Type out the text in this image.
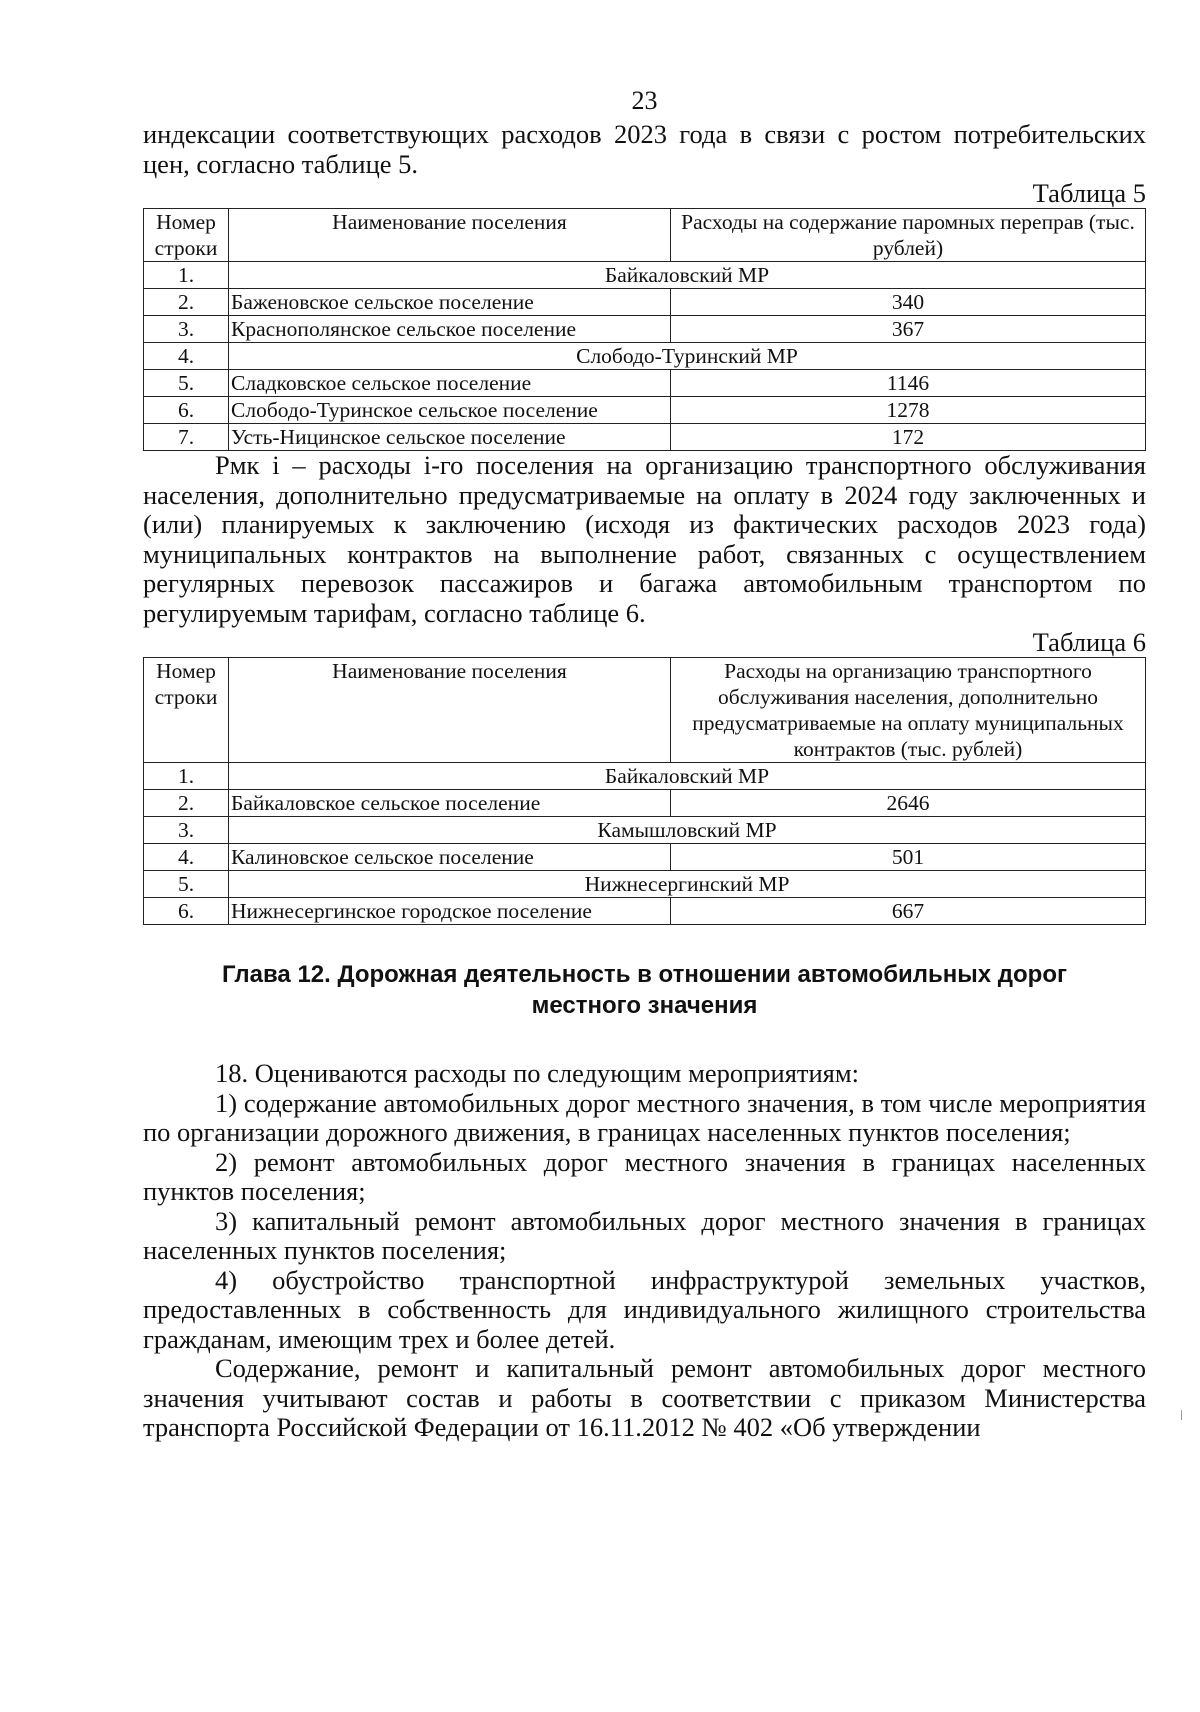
23

индексации соответствующих расходов 2023 года в связи с ростом потребительских цен, согласно таблице 5.

Таблица 5
Номер строки	Наименование поселения	Расходы на содержание паромных переправ (тыс. рублей)
1.	Байкаловский МР	
2.	Баженовское сельское поселение	340
3.	Краснополянское сельское поселение	367
4.	Слободо-Туринский МР	
5.	Сладковское сельское поселение	1146
6.	Слободо-Туринское сельское поселение	1278
7.	Усть-Ницинское сельское поселение	172

Рмк i – расходы i-го поселения на организацию транспортного обслуживания населения, дополнительно предусматриваемые на оплату в 2024 году заключенных и (или) планируемых к заключению (исходя из фактических расходов 2023 года) муниципальных контрактов на выполнение работ, связанных с осуществлением регулярных перевозок пассажиров и багажа автомобильным транспортом по регулируемым тарифам, согласно таблице 6.

Таблица 6
Номер строки	Наименование поселения	Расходы на организацию транспортного обслуживания населения, дополнительно предусматриваемые на оплату муниципальных контрактов (тыс. рублей)
1.	Байкаловский МР	
2.	Байкаловское сельское поселение	2646
3.	Камышловский МР	
4.	Калиновское сельское поселение	501
5.	Нижнесергинский МР	
6.	Нижнесергинское городское поселение	667
Глава 12. Дорожная деятельность в отношении автомобильных дорог
местного значения

18. Оцениваются расходы по следующим мероприятиям:

1) содержание автомобильных дорог местного значения, в том числе мероприятия по организации дорожного движения, в границах населенных пунктов поселения;

2) ремонт автомобильных дорог местного значения в границах населенных пунктов поселения;

3) капитальный ремонт автомобильных дорог местного значения в границах населенных пунктов поселения;

4) обустройство транспортной инфраструктурой земельных участков, предоставленных в собственность для индивидуального жилищного строительства гражданам, имеющим трех и более детей.

Содержание, ремонт и капитальный ремонт автомобильных дорог местного значения учитывают состав и работы в соответствии с приказом Министерства транспорта Российской Федерации от 16.11.2012 № 402 «Об утверждении
